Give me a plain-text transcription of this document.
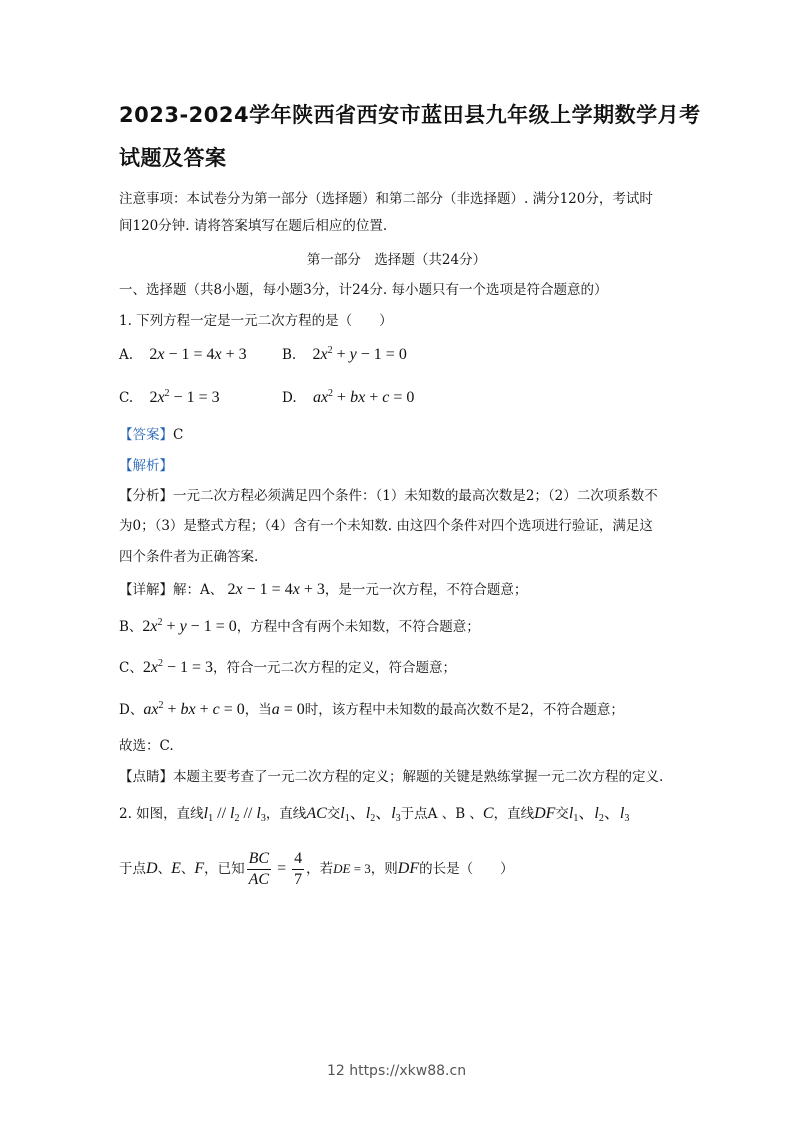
2023-2024学年陕西省西安市蓝田县九年级上学期数学月考
试题及答案
注意事项：本试卷分为第一部分（选择题）和第二部分（非选择题）. 满分120分，考试时
间120分钟. 请将答案填写在题后相应的位置.
第一部分　选择题（共24分）
一、选择题（共8小题，每小题3分，计24分. 每小题只有一个选项是符合题意的）
1. 下列方程一定是一元二次方程的是（　　）
A. 2x − 1 = 4x + 3	B. $2x^2 + y - 1 = 0$
C. $2x^2 - 1 = 3$	D. $ax^2$ + bx + c = 0
【答案】C
【解析】
【分析】一元二次方程必须满足四个条件：（1）未知数的最高次数是2；（2）二次项系数不
为0；（3）是整式方程；（4）含有一个未知数. 由这四个条件对四个选项进行验证，满足这
四个条件者为正确答案.
【详解】解：A、 2x − 1 = 4x + 3，是一元一次方程，不符合题意；
B、$2x^2 + y - 1 = 0$，方程中含有两个未知数，不符合题意；
C、$2x^2 - 1 = 3$，符合一元二次方程的定义，符合题意；
D、$ax^2$ + bx + c = 0，当a = 0时，该方程中未知数的最高次数不是2，不符合题意；
故选：C.
【点睛】本题主要考查了一元二次方程的定义；解题的关键是熟练掌握一元二次方程的定义.
2. 如图，直线$l_1 // l_2 // l_3$，直线AC交$l_1$、$l_2$、$l_3$于点A 、B 、C，直线DF交$l_1$、$l_2$、$l_3$
于点D、E、F，已知 $\frac{BC}{AC} = \frac{4}{7}$ ，若DE = 3，则DF的长是（　　）
12 https://xkw88.cn
